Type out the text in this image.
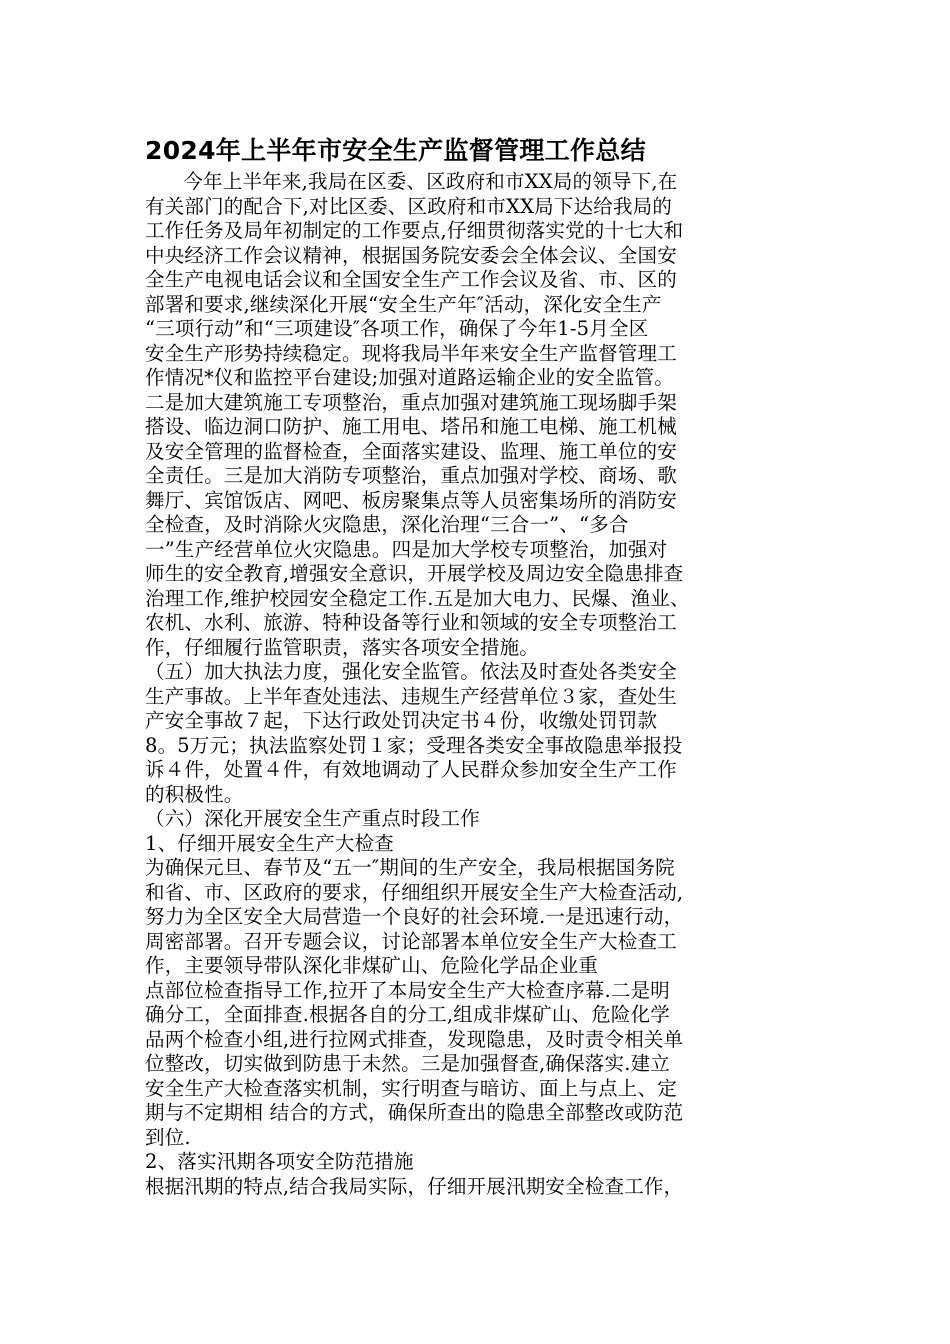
2024年上半年市安全生产监督管理工作总结
今年上半年来,我局在区委、区政府和市XX局的领导下,在
有关部门的配合下,对比区委、区政府和市XX局下达给我局的
工作任务及局年初制定的工作要点,仔细贯彻落实党的十七大和
中央经济工作会议精神，根据国务院安委会全体会议、全国安
全生产电视电话会议和全国安全生产工作会议及省、市、区的
部署和要求,继续深化开展“安全生产年″活动，深化安全生产
“三项行动”和“三项建设″各项工作，确保了今年1-5月全区
安全生产形势持续稳定。现将我局半年来安全生产监督管理工
作情况*仪和监控平台建设;加强对道路运输企业的安全监管。
二是加大建筑施工专项整治，重点加强对建筑施工现场脚手架
搭设、临边洞口防护、施工用电、塔吊和施工电梯、施工机械
及安全管理的监督检查，全面落实建设、监理、施工单位的安
全责任。三是加大消防专项整治，重点加强对学校、商场、歌
舞厅、宾馆饭店、网吧、板房聚集点等人员密集场所的消防安
全检查，及时消除火灾隐患，深化治理“三合一”、“多合
一”生产经营单位火灾隐患。四是加大学校专项整治，加强对
师生的安全教育,增强安全意识，开展学校及周边安全隐患排查
治理工作,维护校园安全稳定工作.五是加大电力、民爆、渔业、
农机、水利、旅游、特种设备等行业和领域的安全专项整治工
作，仔细履行监管职责，落实各项安全措施。
（五）加大执法力度，强化安全监管。依法及时查处各类安全
生产事故。上半年查处违法、违规生产经营单位３家，查处生
产安全事故７起，下达行政处罚决定书４份，收缴处罚罚款
8。5万元；执法监察处罚１家；受理各类安全事故隐患举报投
诉４件，处置４件，有效地调动了人民群众参加安全生产工作
的积极性。
（六）深化开展安全生产重点时段工作
1、仔细开展安全生产大检查
为确保元旦、春节及“五一″期间的生产安全，我局根据国务院
和省、市、区政府的要求，仔细组织开展安全生产大检查活动,
努力为全区安全大局营造一个良好的社会环境.一是迅速行动，
周密部署。召开专题会议，讨论部署本单位安全生产大检查工
作，主要领导带队深化非煤矿山、危险化学品企业重
点部位检查指导工作,拉开了本局安全生产大检查序幕.二是明
确分工，全面排查.根据各自的分工,组成非煤矿山、危险化学
品两个检查小组,进行拉网式排查，发现隐患，及时责令相关单
位整改，切实做到防患于未然。三是加强督查,确保落实.建立
安全生产大检查落实机制，实行明查与暗访、面上与点上、定
期与不定期相 结合的方式，确保所查出的隐患全部整改或防范
到位.
2、落实汛期各项安全防范措施
根据汛期的特点,结合我局实际，仔细开展汛期安全检查工作，
